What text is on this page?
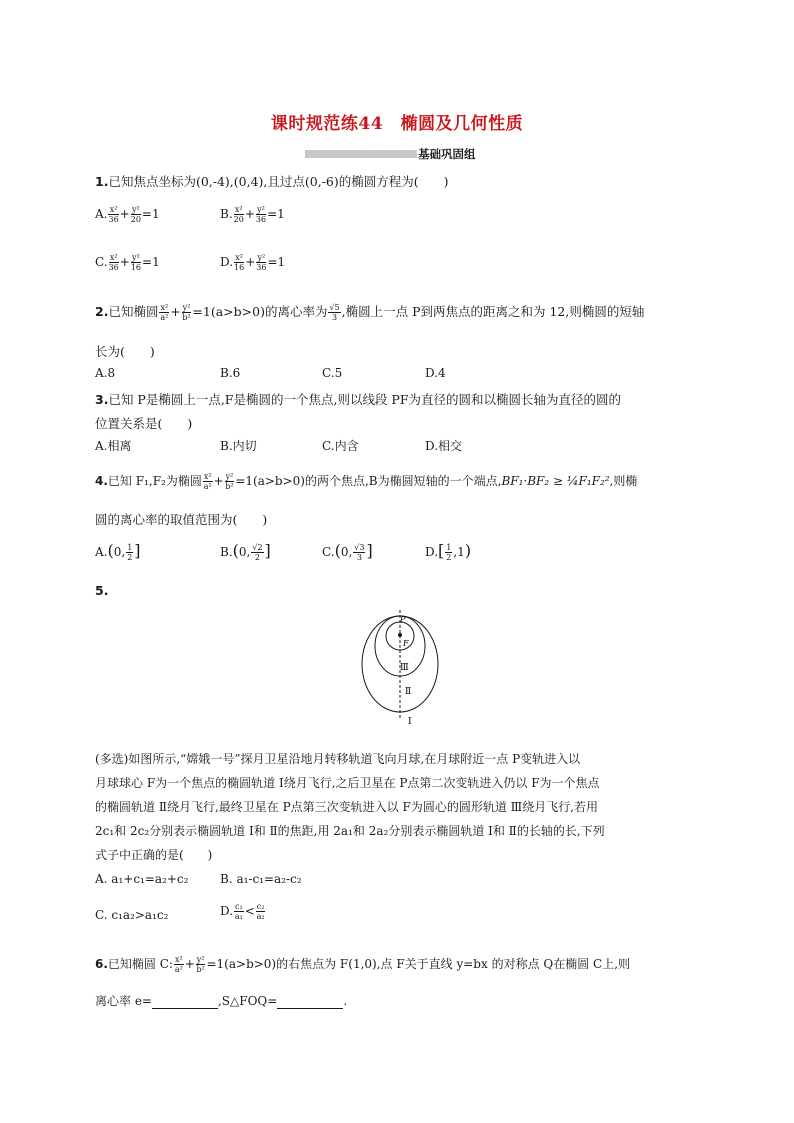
课时规范练44　椭圆及几何性质
基础巩固组
1.已知焦点坐标为(0,-4),(0,4),且过点(0,-6)的椭圆方程为(　　)
A. $\frac{\text{x²}}{36} + \frac{\text{y²}}{20} =1$	B. $\frac{\text{x²}}{20} + \frac{\text{y²}}{36} =1$
C. $\frac{\text{x²}}{36} + \frac{\text{y²}}{16} =1$	D. $\frac{\text{x²}}{16} + \frac{\text{y²}}{36} =1$
2.已知椭圆 $\frac{\text{x²}}{\text{a²}} + \frac{\text{y²}}{\text{b²}} =1(a>b>0)$的离心率为 $\frac{√5}{3}$ ,椭圆上一点 P到两焦点的距离之和为 12,则椭圆的短轴
长为(　　)
A.8	B.6	C.5	D.4
3.已知 P是椭圆上一点,F是椭圆的一个焦点,则以线段 PF为直径的圆和以椭圆长轴为直径的圆的
位置关系是(　　)
A.相离	B.内切	C.内含	D.相交
4.已知 F₁,F₂为椭圆 $\frac{\text{x²}}{\text{a²}} + \frac{\text{y²}}{\text{b²}} =1(a>b>0)$的两个焦点,B为椭圆短轴的一个端点,BF₁·BF₂ ≥ ¼F₁F₂²,则椭
圆的离心率的取值范围为(　　)
A.(0, $\frac{1}{2}$ ]	B.(0, $\frac{√2}{2}$ ]	C.(0, $\frac{√3}{3}$ ]	$D.[ \frac{1}{2} ,1)$
5.
P
F
Ⅲ
Ⅱ
Ⅰ
(多选)如图所示,“嫦娥一号”探月卫星沿地月转移轨道飞向月球,在月球附近一点 P变轨进入以
月球球心 F为一个焦点的椭圆轨道 Ⅰ绕月飞行,之后卫星在 P点第二次变轨进入仍以 F为一个焦点
的椭圆轨道 Ⅱ绕月飞行,最终卫星在 P点第三次变轨进入以 F为圆心的圆形轨道 Ⅲ绕月飞行,若用
2c₁和 2c₂分别表示椭圆轨道 Ⅰ和 Ⅱ的焦距,用 2a₁和 2a₂分别表示椭圆轨道 Ⅰ和 Ⅱ的长轴的长,下列
式子中正确的是(　　)
A. a₁+c₁=a₂+c₂	B. a₁-c₁=a₂-c₂
C. c₁a₂>a₁c₂	D. $\frac{\text{c₁}}{\text{a₁}} < \frac{\text{c₂}}{\text{a₂}}$
6.已知椭圆 C: $\frac{\text{x²}}{\text{a²}} + \frac{\text{y²}}{\text{b²}} =1(a>b>0)$的右焦点为 F(1,0),点 F关于直线 y=bx 的对称点 Q在椭圆 C上,则
离心率 e=	,S△FOQ=	.
